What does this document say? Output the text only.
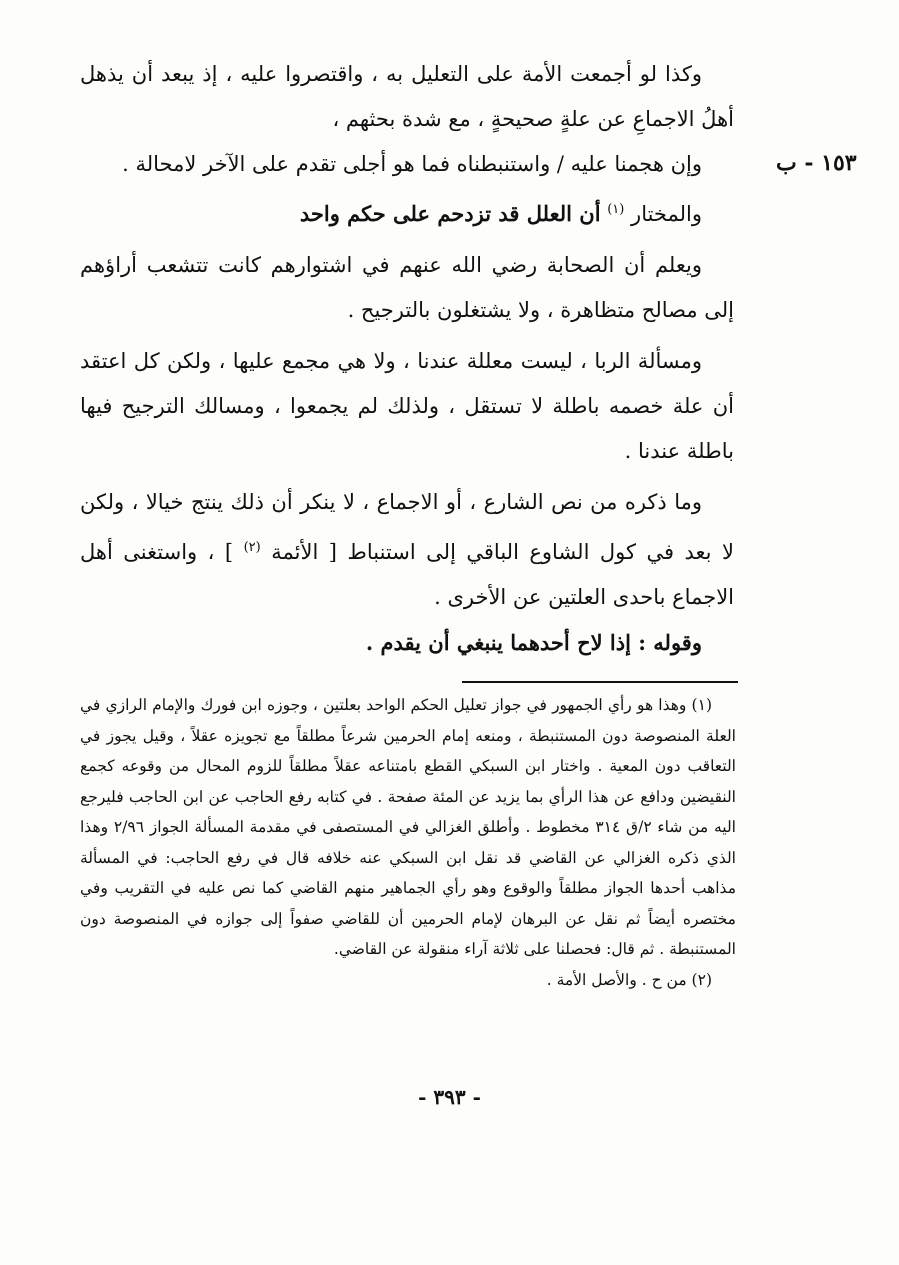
١٥٣ - ب

وكذا لو أجمعت الأمة على التعليل به ، واقتصروا عليه ، إذ يبعد أن يذهل أهلُ الاجماعِ عن علةٍ صحيحةٍ ، مع شدة بحثهم ،

وإن هجمنا عليه / واستنبطناه فما هو أجلى تقدم على الآخر لامحالة .

والمختار $^{(١)}$ أن العلل قد تزدحم على حكم واحد

ويعلم أن الصحابة رضي الله عنهم في اشتوارهم كانت تتشعب أراؤهم إلى مصالح متظاهرة ، ولا يشتغلون بالترجيح .

ومسألة الربا ، ليست معللة عندنا ، ولا هي مجمع عليها ، ولكن كل اعتقد أن علة خصمه باطلة لا تستقل ، ولذلك لم يجمعوا ، ومسالك الترجيح فيها باطلة عندنا .

وما ذكره من نص الشارع ، أو الاجماع ، لا ينكر أن ذلك ينتج خيالا ، ولكن لا بعد في كول الشاوع الباقي إلى استنباط [ الأئمة $^{(٢)}$ ] ، واستغنى أهل الاجماع باحدى العلتين عن الأخرى .

وقوله : إذا لاح أحدهما ينبغي أن يقدم .

(١) وهذا هو رأي الجمهور في جواز تعليل الحكم الواحد بعلتين ، وجوزه ابن فورك والإمام الرازي في العلة المنصوصة دون المستنبطة ، ومنعه إمام الحرمين شرعاً مطلقاً مع تجويزه عقلاً ، وقيل يجوز في التعاقب دون المعية . واختار ابن السبكي القطع بامتناعه عقلاً مطلقاً للزوم المحال من وقوعه كجمع النقيضين ودافع عن هذا الرأي بما يزيد عن المئة صفحة . في كتابه رفع الحاجب عن ابن الحاجب فليرجع اليه من شاء ٢/ق ٣١٤ مخطوط . وأطلق الغزالي في المستصفى في مقدمة المسألة الجواز ٢/٩٦ وهذا الذي ذكره الغزالي عن القاضي قد نقل ابن السبكي عنه خلافه قال في رفع الحاجب: في المسألة مذاهب أحدها الجواز مطلقاً والوقوع وهو رأي الجماهير منهم القاضي كما نص عليه في التقريب وفي مختصره أيضاً ثم نقل عن البرهان لإمام الحرمين أن للقاضي صفواً إلى جوازه في المنصوصة دون المستنبطة . ثم قال: فحصلنا على ثلاثة آراء منقولة عن القاضي.

(٢) من ح . والأصل الأمة .

- ٣٩٣ -
